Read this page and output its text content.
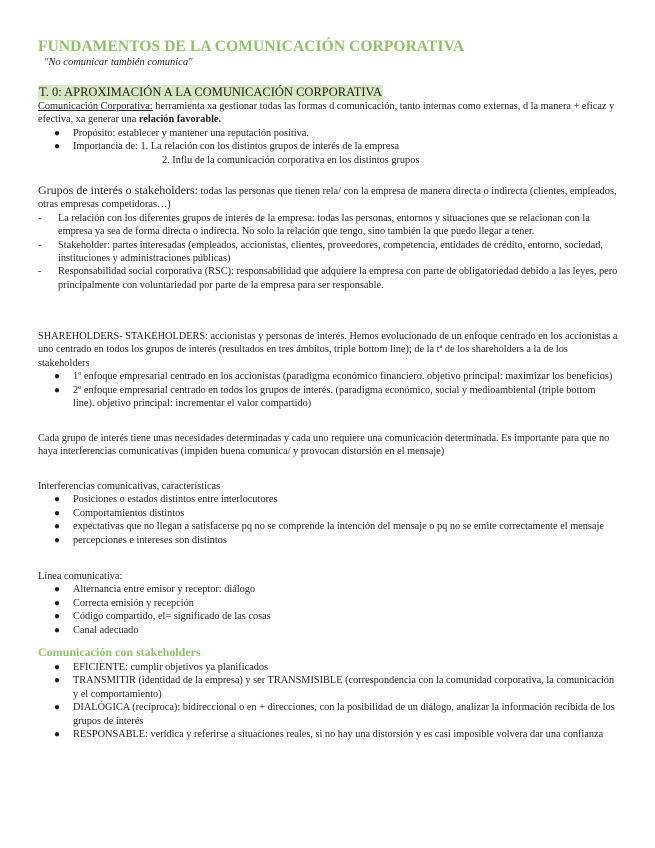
FUNDAMENTOS DE LA COMUNICACIÓN CORPORATIVA
"No comunicar también comunica"
T. 0: APROXIMACIÓN A LA COMUNICACIÓN CORPORATIVA
Comunicación Corporativa: herramienta xa gestionar todas las formas d comunicación, tanto internas como externas, d la manera + eficaz y efectiva, xa generar una relación favorable.
● Propósito: establecer y mantener una reputación positiva.
● Importancia de: 1. La relación con los distintos grupos de interés de la empresa
2. Influ de la comunicación corporativa en los distintos grupos
Grupos de interés o stakeholders: todas las personas que tienen rela/ con la empresa de manera directa o indirecta (clientes, empleados, otras empresas competidoras…)
- La relación con los diferentes grupos de interés de la empresa: todas las personas, entornos y situaciones que se relacionan con la empresa ya sea de forma directa o indirecta. No solo la relación que tengo, sino también la que puedo llegar a tener.
- Stakeholder: partes interesadas (empleados, accionistas, clientes, proveedores, competencia, entidades de crédito, entorno, sociedad, instituciones y administraciones públicas)
- Responsabilidad social corporativa (RSC): responsabilidad que adquiere la empresa con parte de obligatoriedad debido a las leyes, pero principalmente con voluntariedad por parte de la empresa para ser responsable.
SHAREHOLDERS- STAKEHOLDERS: accionistas y personas de interés. Hemos evolucionado de un enfoque centrado en los accionistas a uno centrado en todos los grupos de interés (resultados en tres ámbitos, triple bottom line); de la tª de los shareholders a la de los stakeholders
● 1º enfoque empresarial centrado en los accionistas (paradigma económico financiero. objetivo principal: maximizar los beneficios)
● 2º enfoque empresarial centrado en todos los grupos de interés. (paradigma económico, social y medioambiental (triple bottom line). objetivo principal: incrementar el valor compartido)
Cada grupo de interés tiene unas necesidades determinadas y cada uno requiere una comunicación determinada. Es importante para que no haya interferencias comunicativas (impiden buena comunica/ y provocan distorsión en el mensaje)
Interferencias comunicativas, características
● Posiciones o estados distintos entre interlocutores
● Comportamientos distintos
● expectativas que no llegan a satisfacerse pq no se comprende la intención del mensaje o pq no se emite correctamente el mensaje
● percepciones e intereses son distintos
Línea comunicativa:
● Alternancia entre emisor y receptor: diálogo
● Correcta emisión y recepción
● Código compartido, el= significado de las cosas
● Canal adecuado
Comunicación con stakeholders
● EFICIENTE: cumplir objetivos ya planificados
● TRANSMITIR (identidad de la empresa) y ser TRANSMISIBLE (correspondencia con la comunidad corporativa, la comunicación y el comportamiento)
● DIALÓGICA (recíproca): bidireccional o en + direcciones, con la posibilidad de un diálogo, analizar la información recibida de los grupos de interés
● RESPONSABLE: verídica y referirse a situaciones reales, si no hay una distorsión y es casi imposible volvera dar una confianza
